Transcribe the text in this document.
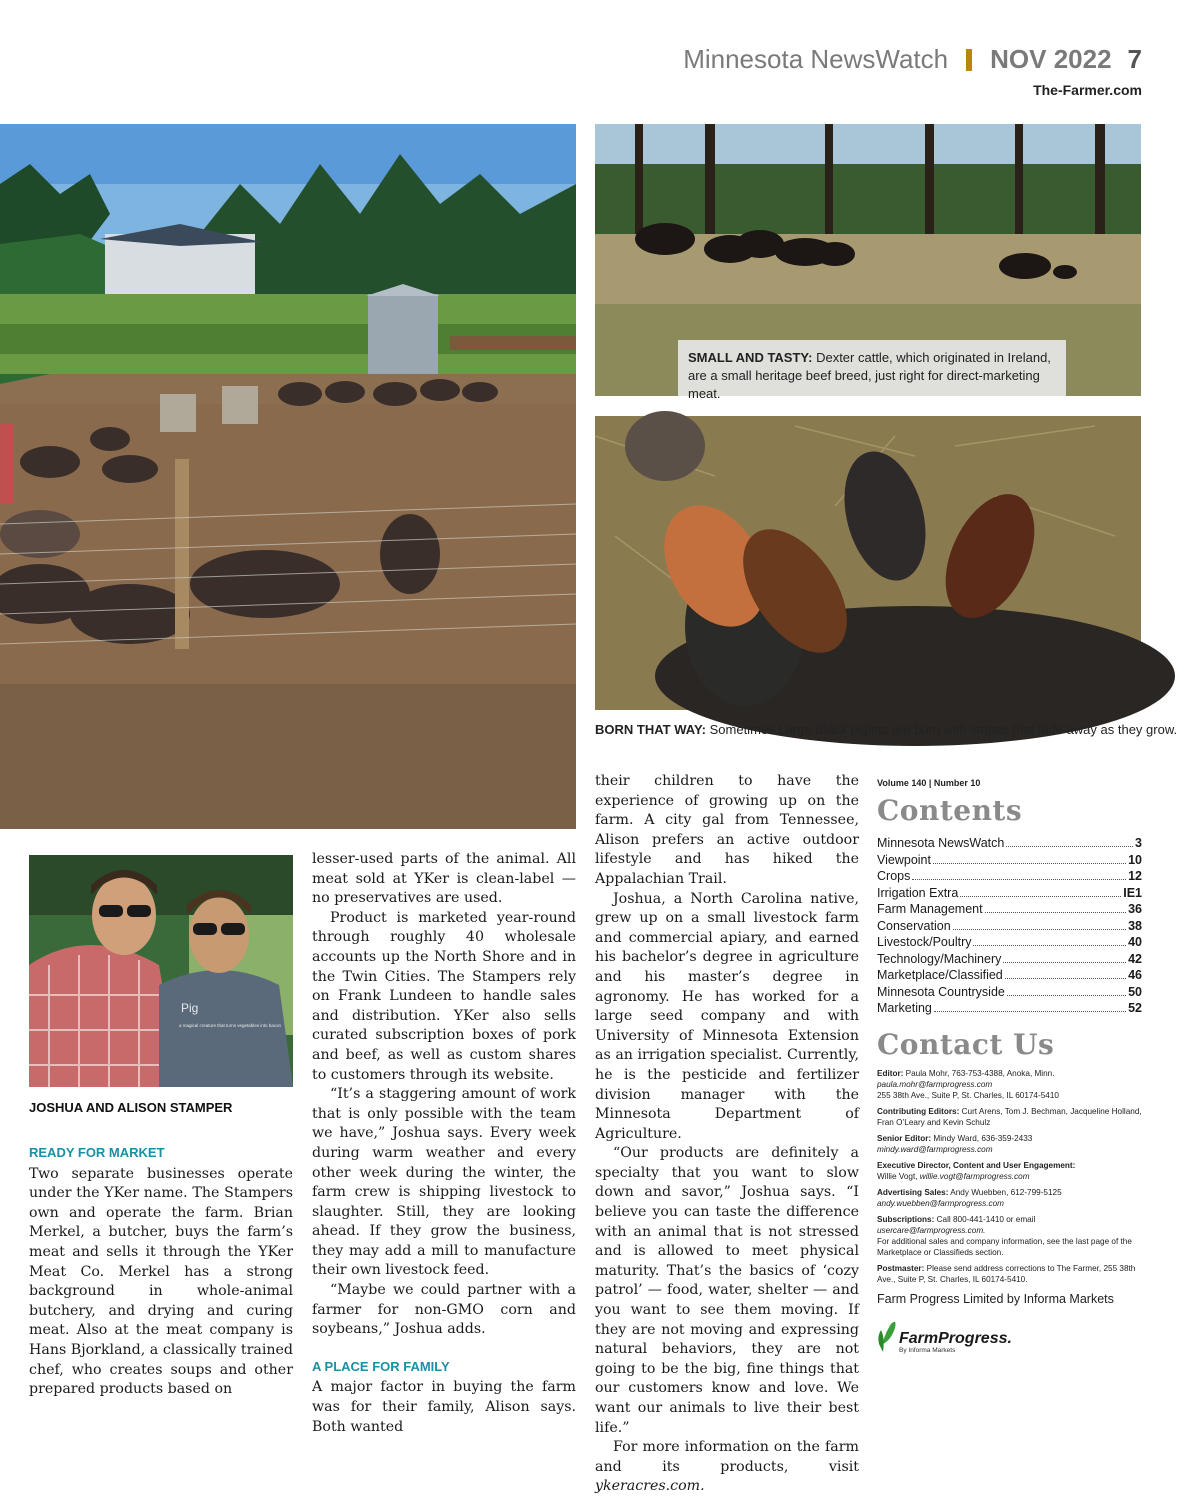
Minnesota NewsWatch NOV 2022 7
The-Farmer.com
SMALL AND TASTY: Dexter cattle, which originated in Ireland, are a small heritage beef breed, just right for direct-marketing meat.
BORN THAT WAY: Sometimes Large Black piglets are born with stripes that fade away as they grow.
Pig
a magical creature that turns vegetables into bacon
JOSHUA AND ALISON STAMPER
READY FOR MARKET

Two separate businesses operate under the YKer name. The Stampers own and operate the farm. Brian Merkel, a butcher, buys the farm’s meat and sells it through the YKer Meat Co. Merkel has a strong background in whole-animal butchery, and drying and curing meat. Also at the meat company is Hans Bjorkland, a classically trained chef, who creates soups and other prepared products based on

lesser-used parts of the animal. All meat sold at YKer is clean-label — no preservatives are used.

Product is marketed year-round through roughly 40 wholesale accounts up the North Shore and in the Twin Cities. The Stampers rely on Frank Lundeen to handle sales and distribution. YKer also sells curated subscription boxes of pork and beef, as well as custom shares to customers through its website.

“It’s a staggering amount of work that is only possible with the team we have,” Joshua says. Every week during warm weather and every other week during the winter, the farm crew is shipping livestock to slaughter. Still, they are looking ahead. If they grow the business, they may add a mill to manufacture their own livestock feed.

“Maybe we could partner with a farmer for non-GMO corn and soybeans,” Joshua adds.

A PLACE FOR FAMILY

A major factor in buying the farm was for their family, Alison says. Both wanted

their children to have the experience of growing up on the farm. A city gal from Tennessee, Alison prefers an active outdoor lifestyle and has hiked the Appalachian Trail.

Joshua, a North Carolina native, grew up on a small livestock farm and commercial apiary, and earned his bachelor’s degree in agriculture and his master’s degree in agronomy. He has worked for a large seed company and with University of Minnesota Extension as an irrigation specialist. Currently, he is the pesticide and fertilizer division manager with the Minnesota Department of Agriculture.

“Our products are definitely a specialty that you want to slow down and savor,” Joshua says. “I believe you can taste the difference with an animal that is not stressed and is allowed to meet physical maturity. That’s the basics of ‘cozy patrol’ — food, water, shelter — and you want to see them moving. If they are not moving and expressing natural behaviors, they are not going to be the big, fine things that our customers know and love. We want our animals to live their best life.”

For more information on the farm and its products, visit ykeracres.com.

Volume 140 | Number 10
Contents
Minnesota NewsWatch	3
Viewpoint	10
Crops	12
Irrigation Extra	IE1
Farm Management	36
Conservation	38
Livestock/Poultry	40
Technology/Machinery	42
Marketplace/Classified	46
Minnesota Countryside	50
Marketing	52
Contact Us
Editor: Paula Mohr, 763-753-4388, Anoka, Minn.
paula.mohr@farmprogress.com
255 38th Ave., Suite P, St. Charles, IL 60174-5410
Contributing Editors: Curt Arens, Tom J. Bechman, Jacqueline Holland, Fran O’Leary and Kevin Schulz
Senior Editor: Mindy Ward, 636-359-2433
mindy.ward@farmprogress.com
Executive Director, Content and User Engagement:
Willie Vogt, willie.vogt@farmprogress.com
Advertising Sales: Andy Wuebben, 612-799-5125
andy.wuebben@farmprogress.com
Subscriptions: Call 800-441-1410 or email usercare@farmprogress.com.
For additional sales and company information, see the last page of the Marketplace or Classifieds section.
Postmaster: Please send address corrections to The Farmer, 255 38th Ave., Suite P, St. Charles, IL 60174-5410.
Farm Progress Limited by Informa Markets
FarmProgress.
By Informa Markets
